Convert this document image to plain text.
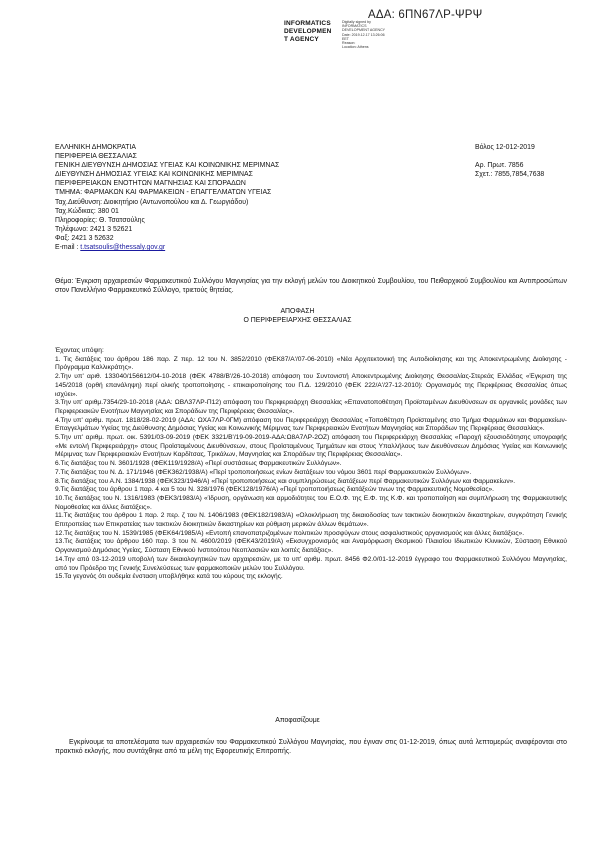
ΑΔΑ: 6ΠΝ67ΛΡ-ΨΡΨ
INFORMATICS
DEVELOPMEN
T AGENCY
Digitally signed by
INFORMATICS
DEVELOPMENT AGENCY
Date: 2019.12.17 13:26:06
EET
Reason:
Location: Athens
ΕΛΛΗΝΙΚΗ ΔΗΜΟΚΡΑΤΙΑ
ΠΕΡΙΦΕΡΕΙΑ ΘΕΣΣΑΛΙΑΣ
ΓΕΝΙΚΗ ΔΙΕΥΘΥΝΣΗ ΔΗΜΟΣΙΑΣ ΥΓΕΙΑΣ ΚΑΙ ΚΟΙΝΩΝΙΚΗΣ ΜΕΡΙΜΝΑΣ
ΔΙΕΥΘΥΝΣΗ ΔΗΜΟΣΙΑΣ ΥΓΕΙΑΣ ΚΑΙ ΚΟΙΝΩΝΙΚΗΣ ΜΕΡΙΜΝΑΣ
ΠΕΡΙΦΕΡΕΙΑΚΩΝ ΕΝΟΤΗΤΩΝ ΜΑΓΝΗΣΙΑΣ ΚΑΙ ΣΠΟΡΑΔΩΝ
ΤΜΗΜΑ: ΦΑΡΜΑΚΩΝ ΚΑΙ ΦΑΡΜΑΚΕΙΩΝ - ΕΠΑΓΓΕΛΜΑΤΩΝ ΥΓΕΙΑΣ
Ταχ.Διεύθυνση: Διοικητήριο (Αντωνοπούλου και Δ. Γεωργιάδου)
Ταχ.Κώδικας: 380 01
Πληροφορίες: Θ. Τσατσούλης
Τηλέφωνο: 2421 3 52621
Φαξ: 2421 3 52632
E-mail : t.tsatsoulis@thessaly.gov.gr
Βόλος 12-012-2019
Αρ. Πρωτ. 7856
Σχετ.: 7855,7854,7638
Θέμα: Έγκριση αρχαιρεσιών Φαρμακευτικού Συλλόγου Μαγνησίας για την εκλογή μελών του Διοικητικού Συμβουλίου, του Πειθαρχικού Συμβουλίου και Αντιπροσώπων στον Πανελλήνιο Φαρμακευτικό Σύλλογο, τριετούς θητείας.
ΑΠΟΦΑΣΗ
Ο ΠΕΡΙΦΕΡΕΙΑΡΧΗΣ ΘΕΣΣΑΛΙΑΣ

Έχοντας υπόψη:

1. Τις διατάξεις του άρθρου 186 παρ. Ζ περ. 12 του Ν. 3852/2010 (ΦΕΚ87/Α'/07-06-2010) «Νέα Αρχιτεκτονική της Αυτοδιοίκησης και της Αποκεντρωμένης Διοίκησης - Πρόγραμμα Καλλικράτης».
2.Την υπ' αριθ. 133040/156612/04-10-2018 (ΦΕΚ 4788/Β'/26-10-2018) απόφαση του Συντονιστή Αποκεντρωμένης Διοίκησης Θεσσαλίας-Στερεάς Ελλάδας «Έγκριση της 145/2018 (ορθή επανάληψη) περί ολικής τροποποίησης - επικαιροποίησης του Π.Δ. 129/2010 (ΦΕΚ 222/Α'/27-12-2010): Οργανισμός της Περιφέρειας Θεσσαλίας όπως ισχύει».
3.Την υπ' αριθμ.7354/29-10-2018 (ΑΔΑ: ΩΒΛ37ΛΡ-Π12) απόφαση του Περιφερειάρχη Θεσσαλίας «Επανατοποθέτηση Προϊσταμένων Διευθύνσεων σε οργανικές μονάδες των Περιφερειακών Ενοτήτων Μαγνησίας και Σποράδων της Περιφέρειας Θεσσαλίας».
4.Την υπ' αριθμ. πρωτ. 1818/28-02-2019 (ΑΔΑ: ΩΧΑ7ΛΡ-0ΓΜ) απόφαση του Περιφερειάρχη Θεσσαλίας «Τοποθέτηση Προϊσταμένης στο Τμήμα Φαρμάκων και Φαρμακείων-Επαγγελμάτων Υγείας της Διεύθυνσης Δημόσιας Υγείας και Κοινωνικής Μέριμνας των Περιφερειακών Ενοτήτων Μαγνησίας και Σποράδων της Περιφέρειας Θεσσαλίας».
5.Την υπ' αριθμ. πρωτ. οικ. 5391/03-09-2019 (ΦΕΚ 3321/Β'/19-09-2019-ΑΔΑ:Ω8Α7ΛΡ-2ΟΖ) απόφαση του Περιφερειάρχη Θεσσαλίας «Παροχή εξουσιοδότησης υπογραφής «Με εντολή Περιφερειάρχη» στους Προϊσταμένους Διευθύνσεων, στους Προϊσταμένους Τμημάτων και στους Υπαλλήλους των Διευθύνσεων Δημόσιας Υγείας και Κοινωνικής Μέριμνας των Περιφερειακών Ενοτήτων Καρδίτσας, Τρικάλων, Μαγνησίας και Σποράδων της Περιφέρειας Θεσσαλίας».
6.Τις διατάξεις του Ν. 3601/1928 (ΦΕΚ119/1928/Α) «Περί συστάσεως Φαρμακευτικών Συλλόγων».
7.Τις διατάξεις του Ν. Δ. 171/1946 (ΦΕΚ362/1938/Α) «Περί τροποποιήσεως ενίων διατάξεων του νόμου 3601 περί Φαρμακευτικών Συλλόγων».
8.Τις διατάξεις του Α.Ν. 1384/1938 (ΦΕΚ323/1946/Α) «Περί τροποποιήσεως και συμπληρώσεως διατάξεων περί Φαρμακευτικών Συλλόγων και Φαρμακείων».
9.Τις διατάξεις του άρθρου 1 παρ. 4 και 5 του Ν. 328/1976 (ΦΕΚ128/1976/Α) «Περί τροποποιήσεως διατάξεών τινων της Φαρμακευτικής Νομοθεσίας».
10.Τις διατάξεις του Ν. 1316/1983 (ΦΕΚ3/1983/Α) «Ίδρυση, οργάνωση και αρμοδιότητες του Ε.Ο.Φ. της Ε.Φ. της Κ.Φ. και τροποποίηση και συμπλήρωση της Φαρμακευτικής Νομοθεσίας και άλλες διατάξεις».
11.Τις διατάξεις του άρθρου 1 παρ. 2 περ. ζ του Ν. 1406/1983 (ΦΕΚ182/1983/Α) «Ολοκλήρωση της δικαιοδοσίας των τακτικών διοικητικών δικαστηρίων, συγκρότηση Γενικής Επιτροπείας των Επικρατείας των τακτικών διοικητικών δικαστηρίων και ρύθμιση μερικών άλλων θεμάτων».
12.Τις διατάξεις του Ν. 1539/1985 (ΦΕΚ64/1985/Α) «Εντοπή επανοπατριζομένων πολιτικών προσφύγων στους ασφαλιστικούς οργανισμούς και άλλες διατάξεις».
13.Τις διατάξεις του άρθρου 160 παρ. 3 του Ν. 4600/2019 (ΦΕΚ43/2019/Α) «Εκσυγχρονισμός και Αναμόρφωση Θεσμικού Πλαισίου Ιδιωτικών Κλινικών, Σύσταση Εθνικού Οργανισμού Δημόσιας Υγείας, Σύσταση Εθνικού Ινστιτούτου Νεοπλασιών και λοιπές διατάξεις».
14.Την από 03-12-2019 υποβολή των δικαιολογητικών των αρχαιρεσιών, με το υπ' αριθμ. πρωτ. 8456 Φ2.0/01-12-2019 έγγραφο του Φαρμακευτικού Συλλόγου Μαγνησίας, από τον Πρόεδρο της Γενικής Συνελεύσεως των φαρμακοποιών μελών του Συλλόγου.
15.Τα γεγονός ότι ουδεμία ένσταση υποβλήθηκε κατά του κύρους της εκλογής.
Αποφασίζουμε
Εγκρίνουμε τα αποτελέσματα των αρχαιρεσιών του Φαρμακευτικού Συλλόγου Μαγνησίας, που έγιναν στις 01-12-2019, όπως αυτά λεπτομερώς αναφέρονται στο πρακτικό εκλογής, που συντάχθηκε από τα μέλη της Εφορευτικής Επιτροπής.
